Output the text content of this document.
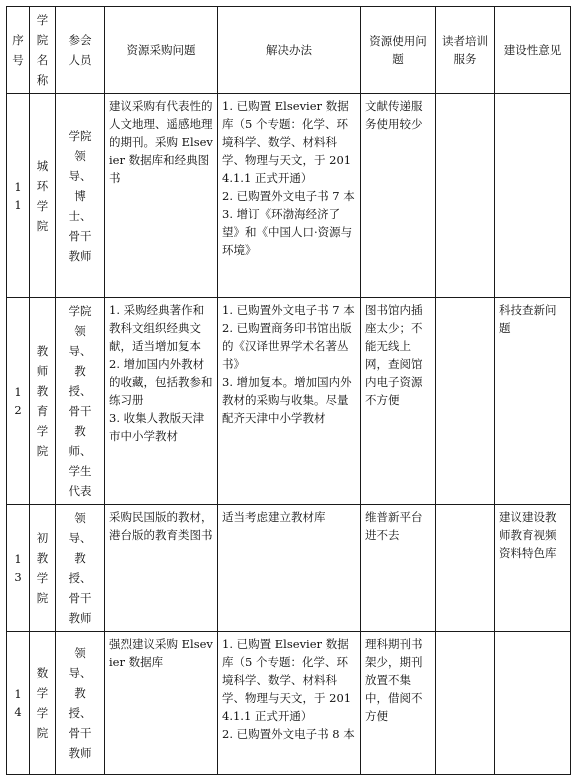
序号	学院名称	参会人员	资源采购问题	解决办法	资源使用问题	读者培训服务	建设性意见
11	城环学院	学院领导、博士、骨干教师	建议采购有代表性的人文地理、遥感地理的期刊。采购 Elsevier 数据库和经典图书	1. 已购置 Elsevier 数据库（5 个专题：化学、环境科学、数学、材料科学、物理与天文，于 2014.1.1 正式开通）
2. 已购置外文电子书 7 本
3. 增订《环渤海经济了望》和《中国人口·资源与环境》	文献传递服务使用较少		
12	教师教育学院	学院领导、教授、骨干教师、学生代表	1. 采购经典著作和教科文组织经典文献，适当增加复本
2. 增加国内外教材的收藏，包括教参和练习册
3. 收集人教版天津市中小学教材	1. 已购置外文电子书 7 本
2. 已购置商务印书馆出版的《汉译世界学术名著丛书》
3. 增加复本。增加国内外教材的采购与收集。尽量配齐天津中小学教材	图书馆内插座太少；不能无线上网，查阅馆内电子资源不方便		科技查新问题
13	初教学院	领导、教授、骨干教师	采购民国版的教材，港台版的教育类图书	适当考虑建立教材库	维普新平台进不去		建议建设教师教育视频资料特色库
14	数学学院	领导、教授、骨干教师	强烈建议采购 Elsevier 数据库	1. 已购置 Elsevier 数据库（5 个专题：化学、环境科学、数学、材料科学、物理与天文，于 2014.1.1 正式开通）
2. 已购置外文电子书 8 本	理科期刊书架少，期刊放置不集中，借阅不方便		
